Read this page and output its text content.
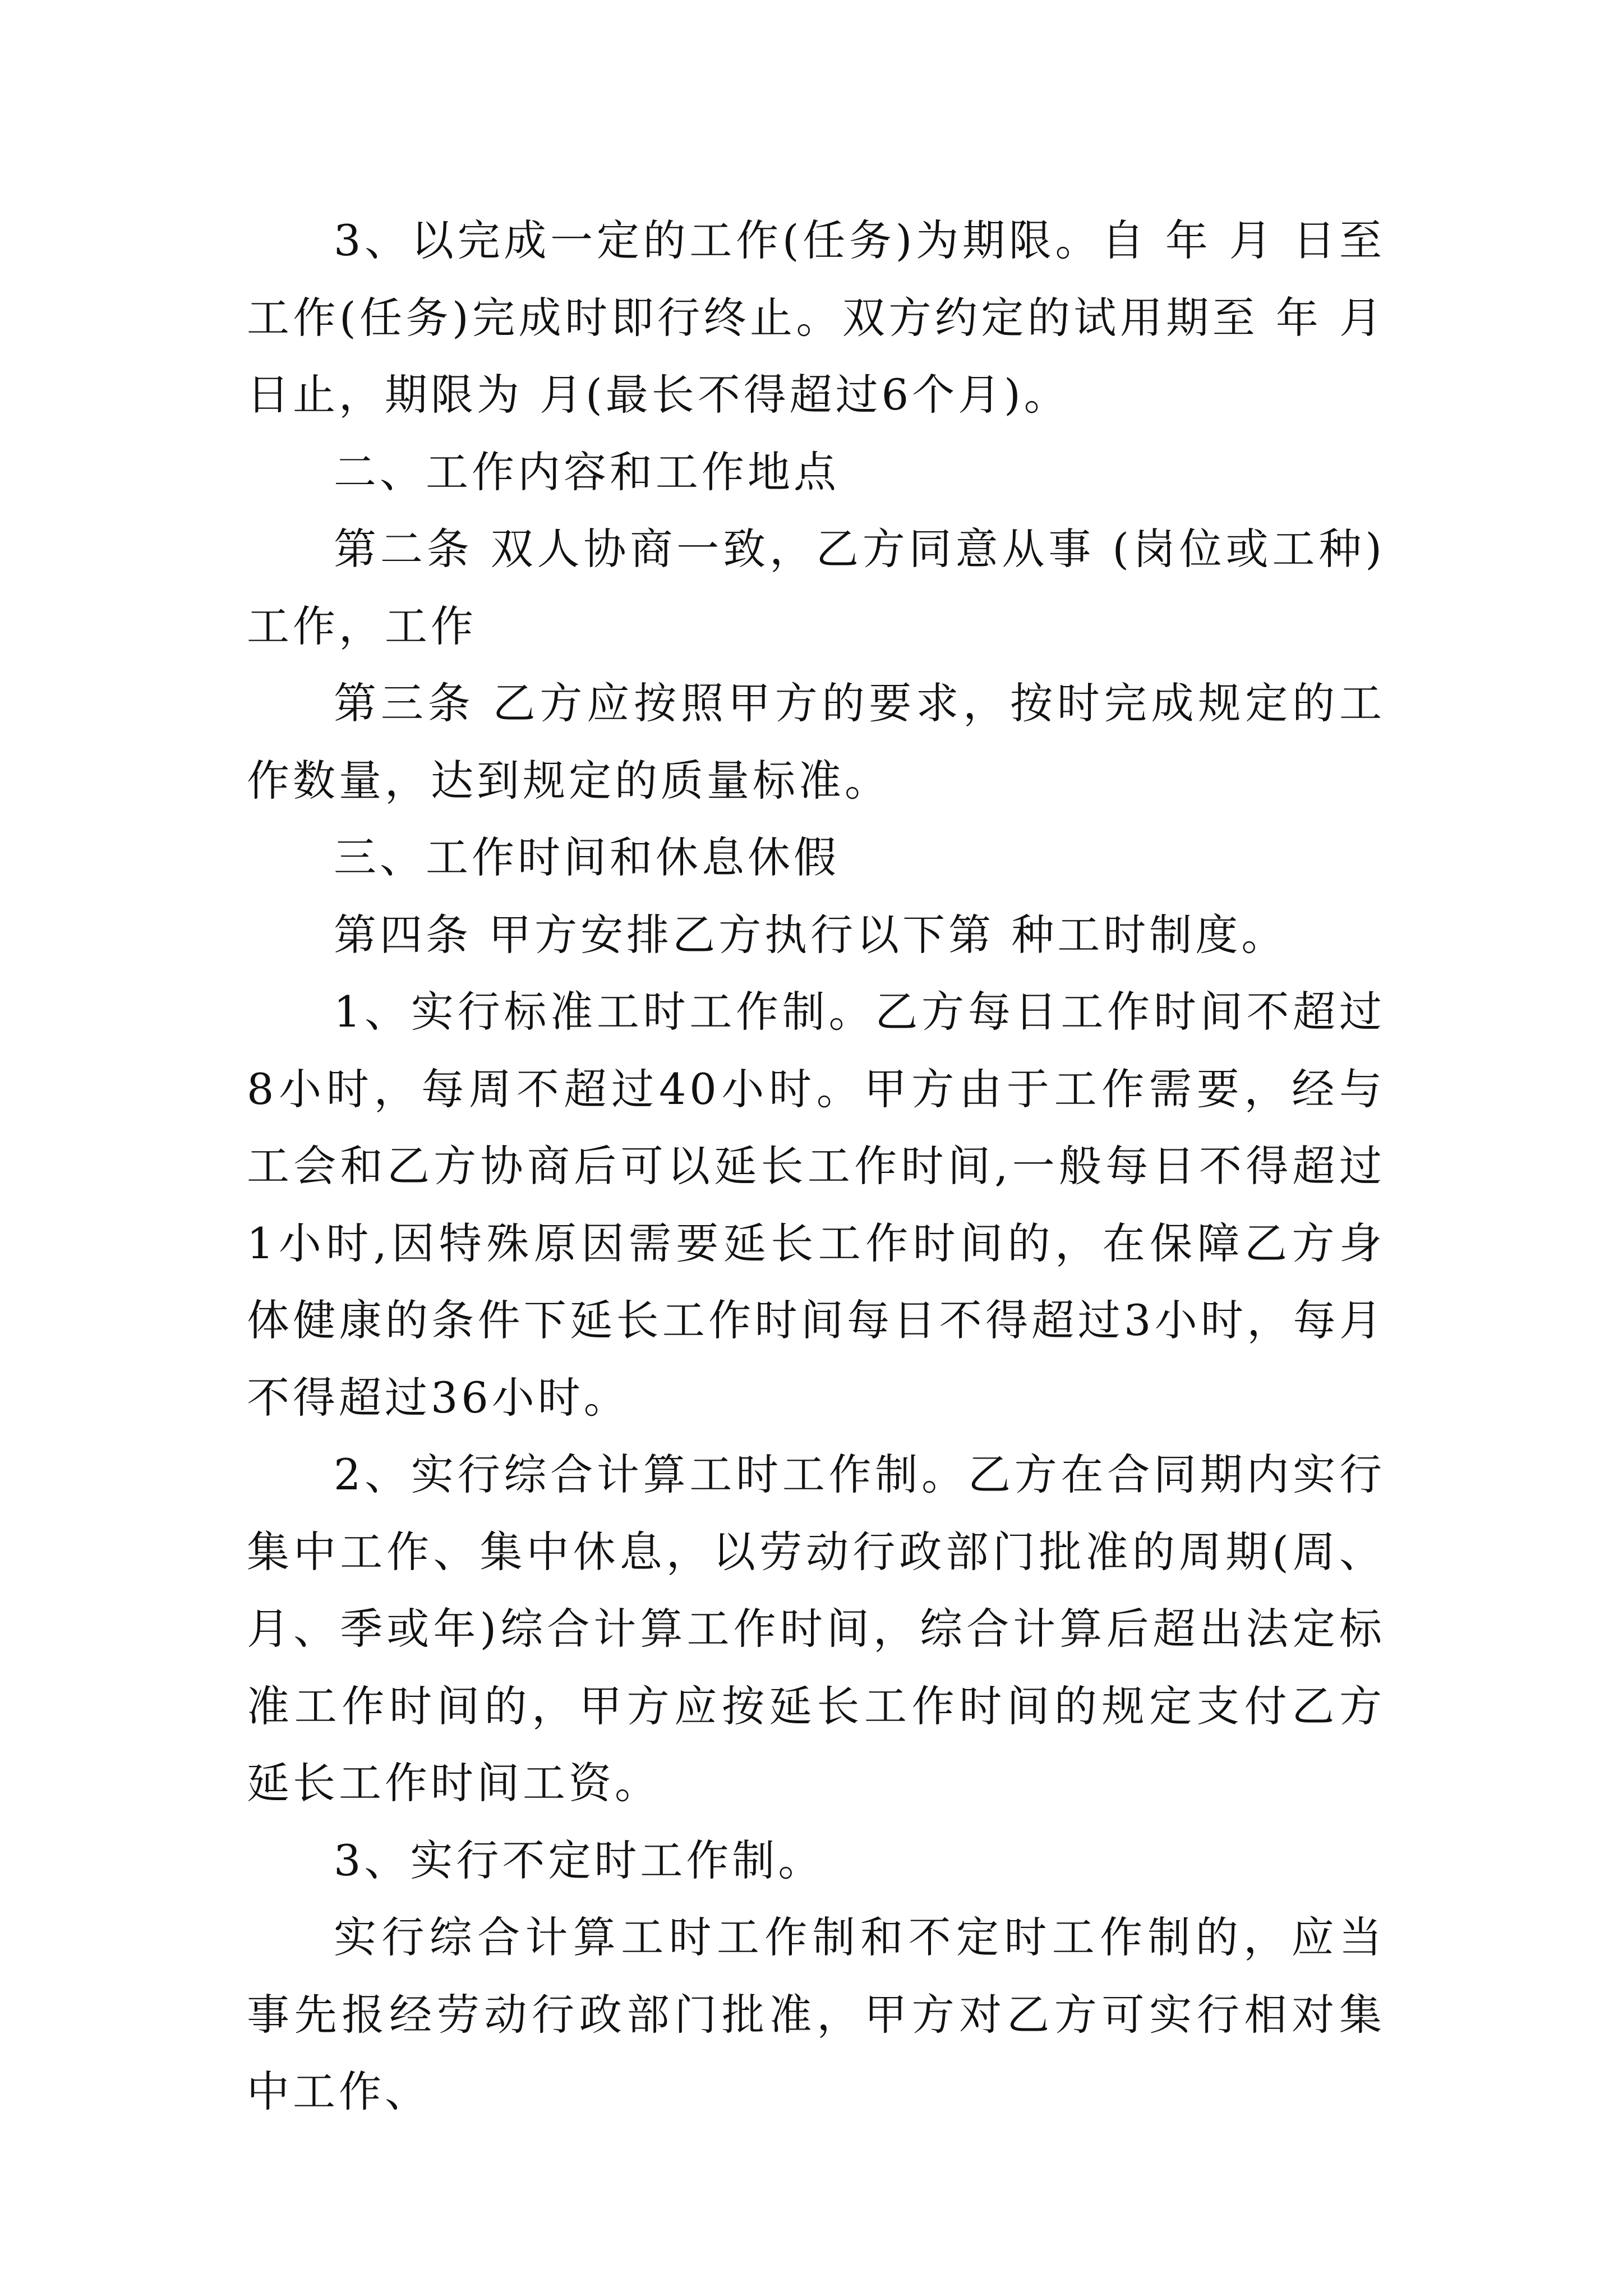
3、以完成一定的工作(任务)为期限。自 年 月 日至工作(任务)完成时即行终止。双方约定的试用期至 年 月日止，期限为 月(最长不得超过6个月)。

二、工作内容和工作地点

第二条 双人协商一致，乙方同意从事 (岗位或工种)工作，工作

第三条 乙方应按照甲方的要求，按时完成规定的工作数量，达到规定的质量标准。

三、工作时间和休息休假

第四条 甲方安排乙方执行以下第 种工时制度。

1、实行标准工时工作制。乙方每日工作时间不超过8小时，每周不超过40小时。甲方由于工作需要，经与工会和乙方协商后可以延长工作时间,一般每日不得超过1小时,因特殊原因需要延长工作时间的，在保障乙方身体健康的条件下延长工作时间每日不得超过3小时，每月不得超过36小时。

2、实行综合计算工时工作制。乙方在合同期内实行集中工作、集中休息，以劳动行政部门批准的周期(周、月、季或年)综合计算工作时间，综合计算后超出法定标准工作时间的，甲方应按延长工作时间的规定支付乙方延长工作时间工资。

3、实行不定时工作制。

实行综合计算工时工作制和不定时工作制的，应当事先报经劳动行政部门批准，甲方对乙方可实行相对集中工作、
